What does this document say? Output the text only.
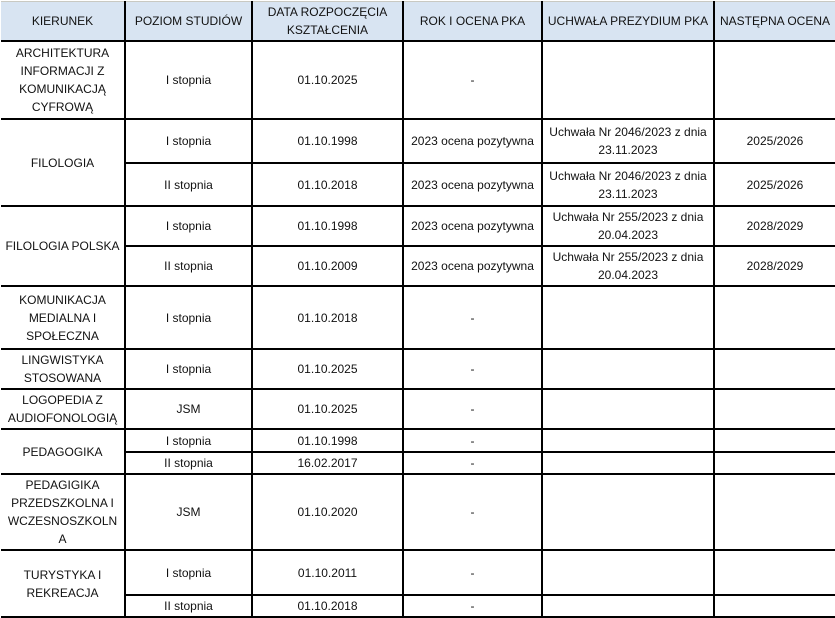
KIERUNEK	POZIOM STUDIÓW	DATA ROZPOCZĘCIA KSZTAŁCENIA	ROK I OCENA PKA	UCHWAŁA PREZYDIUM PKA	NASTĘPNA OCENA
ARCHITEKTURA INFORMACJI Z KOMUNIKACJĄ CYFROWĄ	I stopnia	01.10.2025	-		
FILOLOGIA	I stopnia	01.10.1998	2023 ocena pozytywna	Uchwała Nr 2046/2023 z dnia 23.11.2023	2025/2026
	II stopnia	01.10.2018	2023 ocena pozytywna	Uchwała Nr 2046/2023 z dnia 23.11.2023	2025/2026
FILOLOGIA POLSKA	I stopnia	01.10.1998	2023 ocena pozytywna	Uchwała Nr 255/2023 z dnia 20.04.2023	2028/2029
	II stopnia	01.10.2009	2023 ocena pozytywna	Uchwała Nr 255/2023 z dnia 20.04.2023	2028/2029
KOMUNIKACJA MEDIALNA I SPOŁECZNA	I stopnia	01.10.2018	-		
LINGWISTYKA STOSOWANA	I stopnia	01.10.2025	-		
LOGOPEDIA Z AUDIOFONOLOGIĄ	JSM	01.10.2025	-		
PEDAGOGIKA	I stopnia	01.10.1998	-		
	II stopnia	16.02.2017	-		
PEDAGIGIKA PRZEDSZKOLNA I WCZESNOSZKOLNA	JSM	01.10.2020	-		
TURYSTYKA I REKREACJA	I stopnia	01.10.2011	-		
	II stopnia	01.10.2018	-		
